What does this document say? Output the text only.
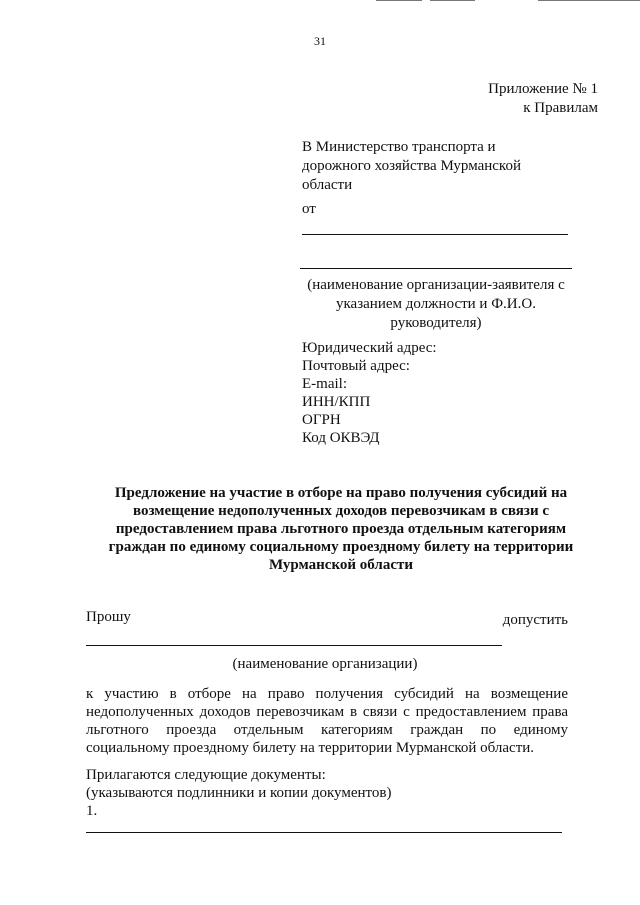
31
Приложение № 1
к Правилам
В Министерство транспорта и
дорожного хозяйства Мурманской
области
от
(наименование организации-заявителя с
указанием должности и Ф.И.О.
руководителя)
Юридический адрес:
Почтовый адрес:
E-mail:
ИНН/КПП
ОГРН
Код ОКВЭД
Предложение на участие в отборе на право получения субсидий на
возмещение недополученных доходов перевозчикам в связи с
предоставлением права льготного проезда отдельным категориям
граждан по единому социальному проездному билету на территории
Мурманской области
Прошу	допустить
(наименование организации)
к участию в отборе на право получения субсидий на возмещение недополученных доходов перевозчикам в связи с предоставлением права льготного проезда отдельным категориям граждан по единому социальному проездному билету на территории Мурманской области.
Прилагаются следующие документы:
(указываются подлинники и копии документов)
1.
